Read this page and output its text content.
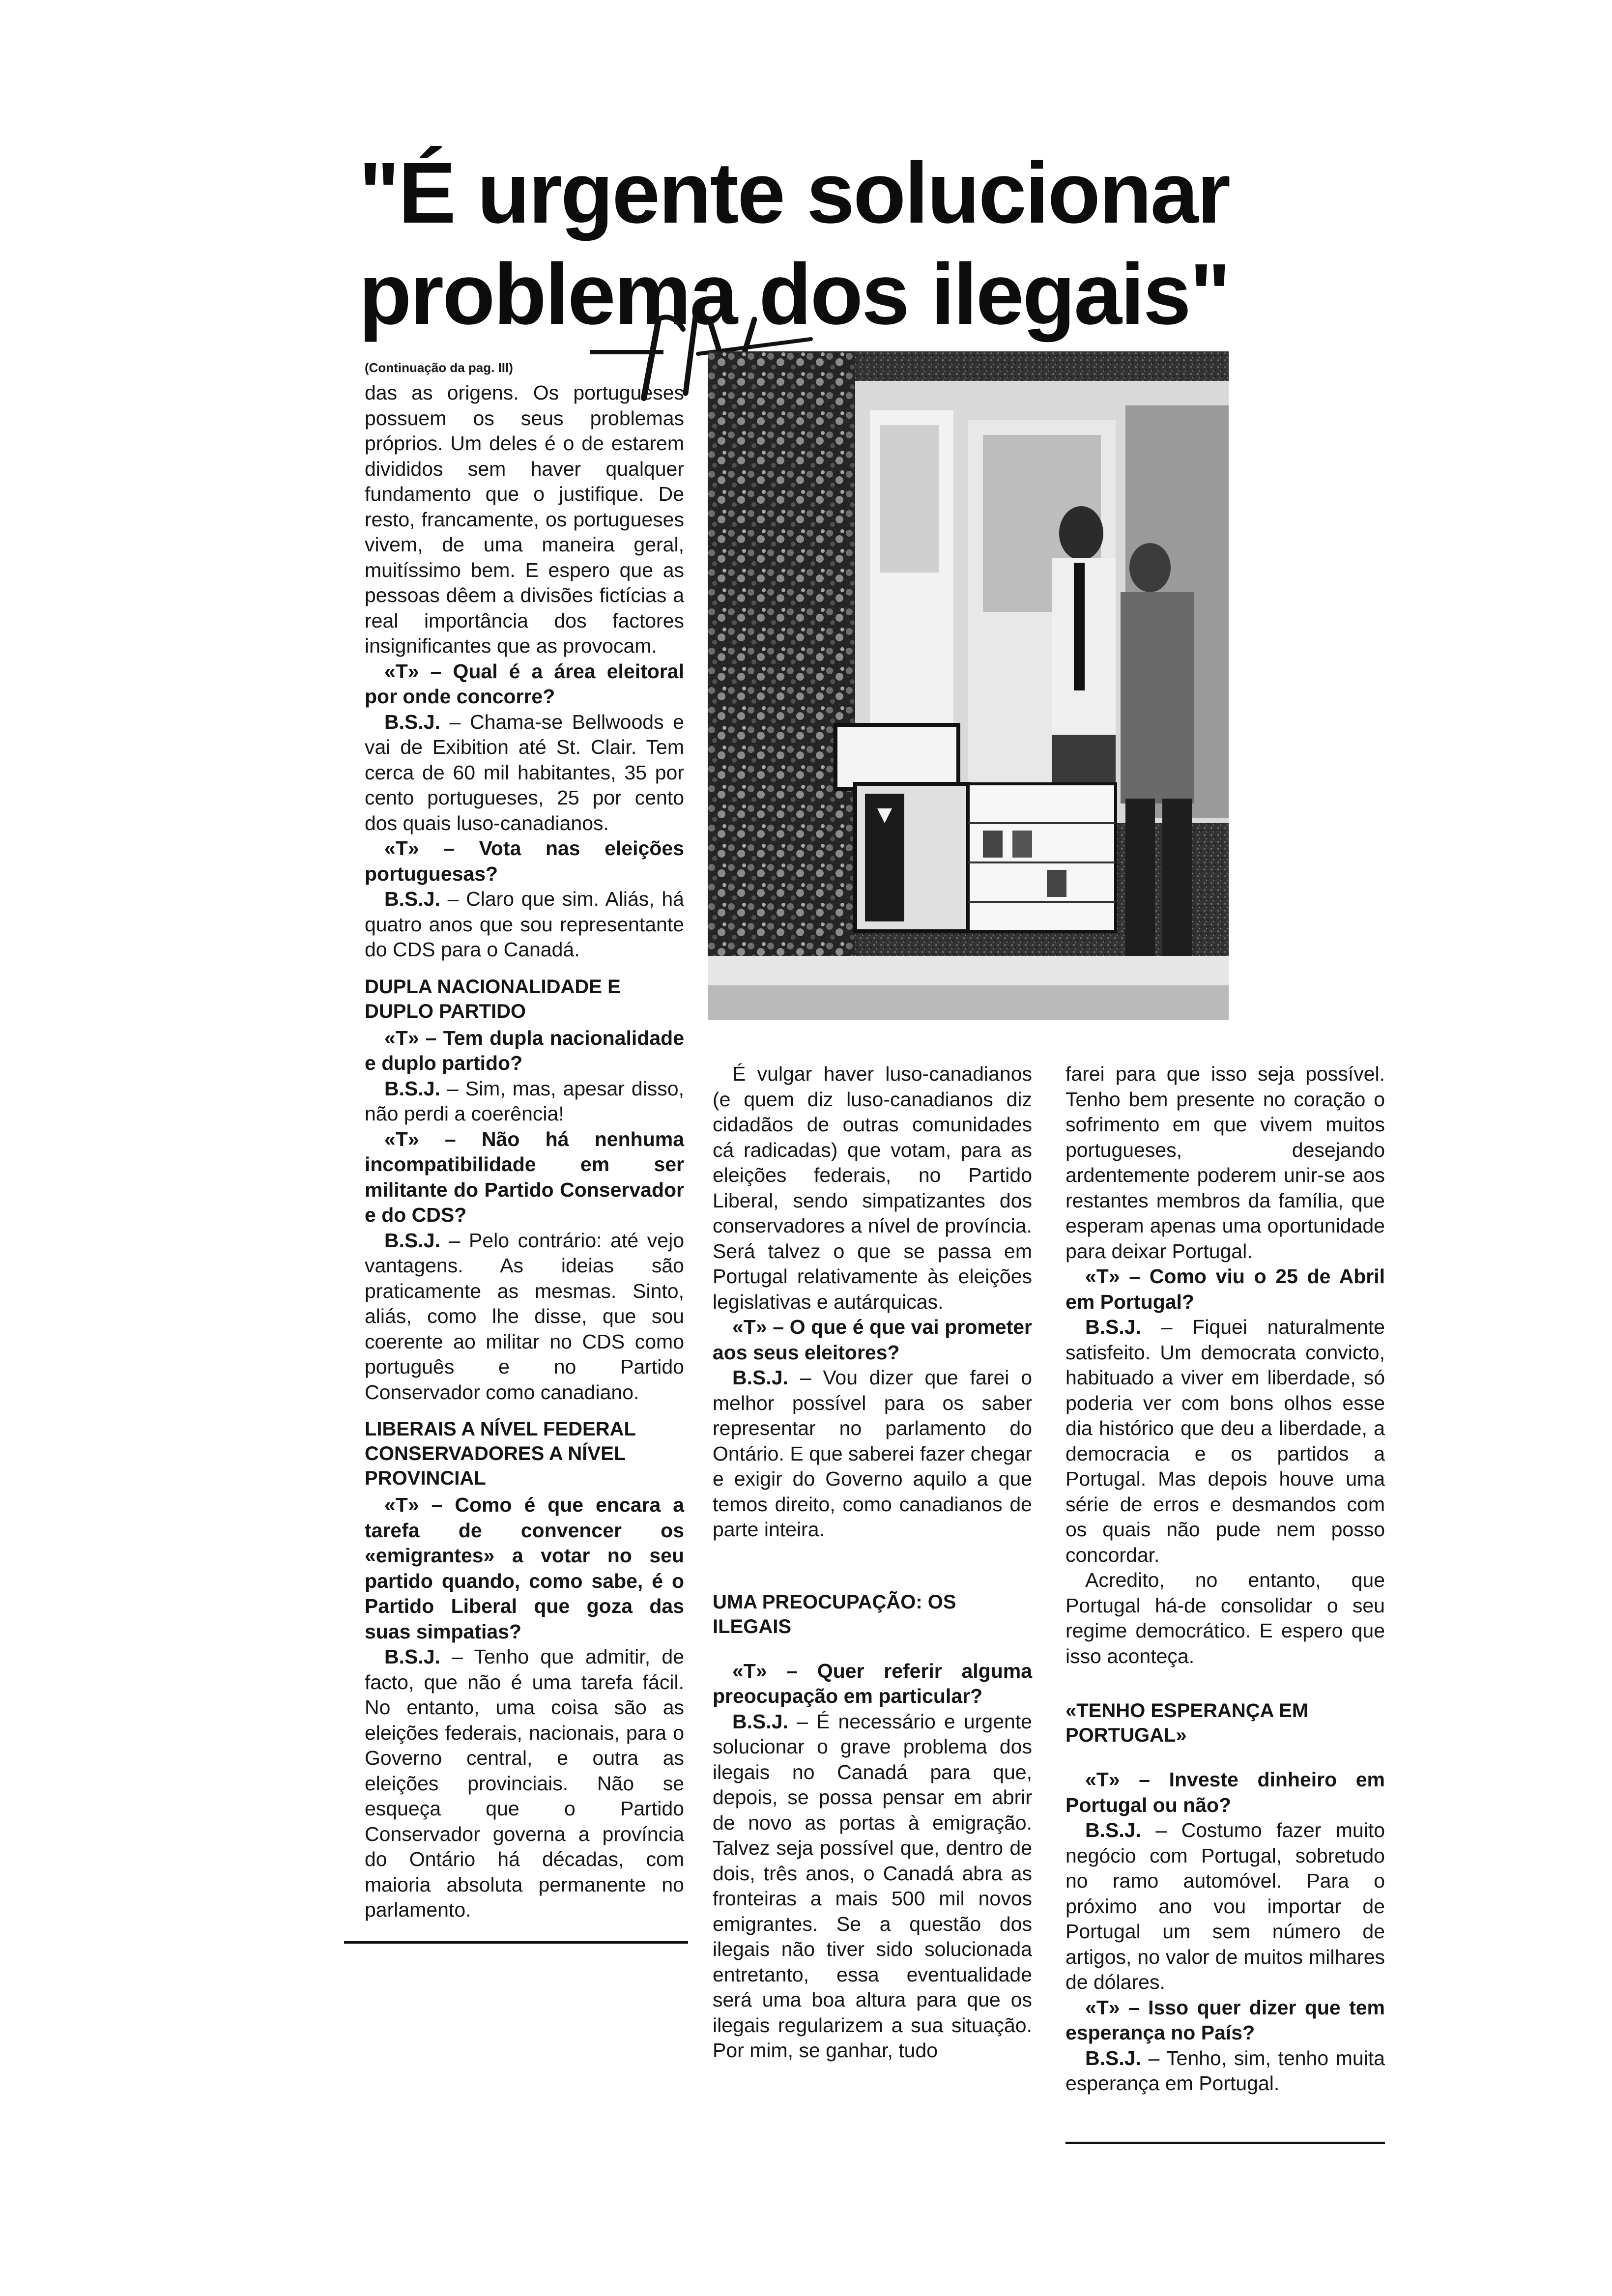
"É urgente solucionar
problema dos ilegais"

(Continuação da pag. III)

das as origens. Os portugueses possuem os seus problemas próprios. Um deles é o de estarem divididos sem haver qualquer fundamento que o justifique. De resto, francamente, os portugueses vivem, de uma maneira geral, muitíssimo bem. E espero que as pessoas dêem a divisões fictícias a real importância dos factores insignificantes que as provocam.

«T» – Qual é a área eleitoral por onde concorre?

B.S.J. – Chama-se Bellwoods e vai de Exibition até St. Clair. Tem cerca de 60 mil habitantes, 35 por cento portugueses, 25 por cento dos quais luso-canadianos.

«T» – Vota nas eleições portuguesas?

B.S.J. – Claro que sim. Aliás, há quatro anos que sou representante do CDS para o Canadá.

DUPLA NACIONALIDADE E DUPLO PARTIDO

«T» – Tem dupla nacionalidade e duplo partido?

B.S.J. – Sim, mas, apesar disso, não perdi a coerência!

«T» – Não há nenhuma incompatibilidade em ser militante do Partido Conservador e do CDS?

B.S.J. – Pelo contrário: até vejo vantagens. As ideias são praticamente as mesmas. Sinto, aliás, como lhe disse, que sou coerente ao militar no CDS como português e no Partido Conservador como canadiano.

LIBERAIS A NÍVEL FEDERAL CONSERVADORES A NÍVEL PROVINCIAL

«T» – Como é que encara a tarefa de convencer os «emigrantes» a votar no seu partido quando, como sabe, é o Partido Liberal que goza das suas simpatias?

B.S.J. – Tenho que admitir, de facto, que não é uma tarefa fácil. No entanto, uma coisa são as eleições federais, nacionais, para o Governo central, e outra as eleições provinciais. Não se esqueça que o Partido Conservador governa a província do Ontário há décadas, com maioria absoluta permanente no parlamento.

É vulgar haver luso-canadianos (e quem diz luso-canadianos diz cidadãos de outras comunidades cá radicadas) que votam, para as eleições federais, no Partido Liberal, sendo simpatizantes dos conservadores a nível de província. Será talvez o que se passa em Portugal relativamente às eleições legislativas e autárquicas.

«T» – O que é que vai prometer aos seus eleitores?

B.S.J. – Vou dizer que farei o melhor possível para os saber representar no parlamento do Ontário. E que saberei fazer chegar e exigir do Governo aquilo a que temos direito, como canadianos de parte inteira.

UMA PREOCUPAÇÃO: OS ILEGAIS

«T» – Quer referir alguma preocupação em particular?

B.S.J. – É necessário e urgente solucionar o grave problema dos ilegais no Canadá para que, depois, se possa pensar em abrir de novo as portas à emigração. Talvez seja possível que, dentro de dois, três anos, o Canadá abra as fronteiras a mais 500 mil novos emigrantes. Se a questão dos ilegais não tiver sido solucionada entretanto, essa eventualidade será uma boa altura para que os ilegais regularizem a sua situação. Por mim, se ganhar, tudo

farei para que isso seja possível. Tenho bem presente no coração o sofrimento em que vivem muitos portugueses, desejando ardentemente poderem unir-se aos restantes membros da família, que esperam apenas uma oportunidade para deixar Portugal.

«T» – Como viu o 25 de Abril em Portugal?

B.S.J. – Fiquei naturalmente satisfeito. Um democrata convicto, habituado a viver em liberdade, só poderia ver com bons olhos esse dia histórico que deu a liberdade, a democracia e os partidos a Portugal. Mas depois houve uma série de erros e desmandos com os quais não pude nem posso concordar.

Acredito, no entanto, que Portugal há-de consolidar o seu regime democrático. E espero que isso aconteça.

«TENHO ESPERANÇA EM PORTUGAL»

«T» – Investe dinheiro em Portugal ou não?

B.S.J. – Costumo fazer muito negócio com Portugal, sobretudo no ramo automóvel. Para o próximo ano vou importar de Portugal um sem número de artigos, no valor de muitos milhares de dólares.

«T» – Isso quer dizer que tem esperança no País?

B.S.J. – Tenho, sim, tenho muita esperança em Portugal.
